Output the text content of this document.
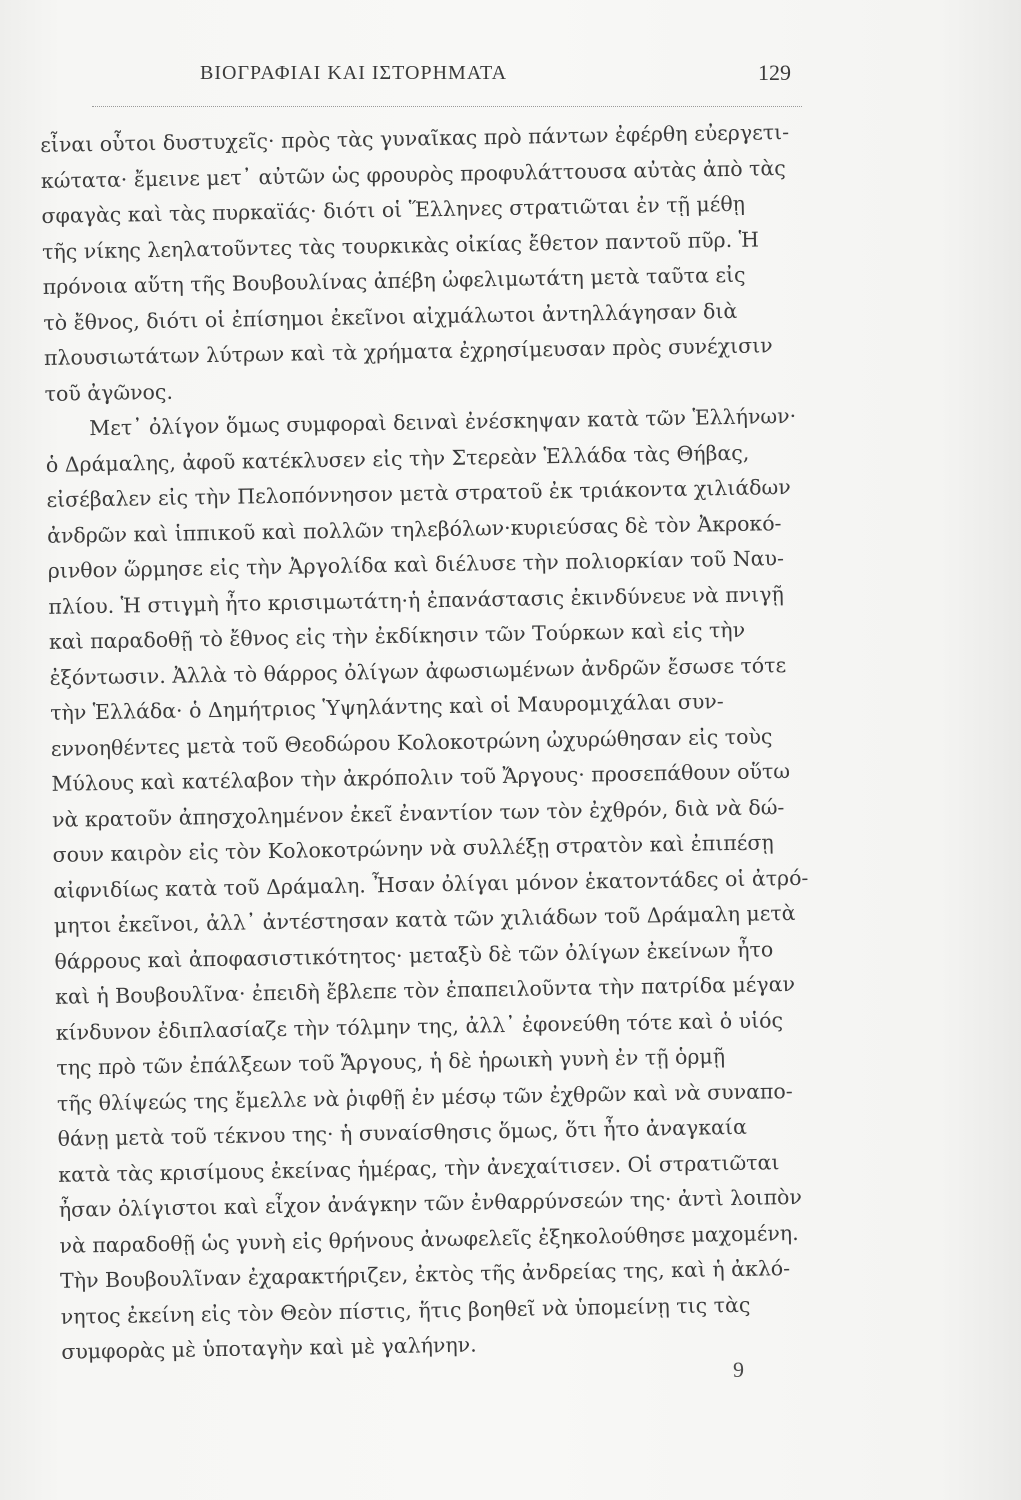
ΒΙΟΓΡΑΦΙΑΙ ΚΑΙ ΙΣΤΟΡΗΜΑΤΑ	129
εἶναι οὗτοι δυστυχεῖς· πρὸς τὰς γυναῖκας πρὸ πάντων ἐφέρθη εὐεργετι-
κώτατα· ἔμεινε μετ᾽ αὐτῶν ὡς φρουρὸς προφυλάττουσα αὐτὰς ἀπὸ τὰς
σφαγὰς καὶ τὰς πυρκαϊάς· διότι οἱ Ἕλληνες στρατιῶται ἐν τῇ μέθῃ
τῆς νίκης λεηλατοῦντες τὰς τουρκικὰς οἰκίας ἔθετον παντοῦ πῦρ. Ἡ
πρόνοια αὕτη τῆς Βουβουλίνας ἀπέβη ὠφελιμωτάτη μετὰ ταῦτα εἰς
τὸ ἔθνος, διότι οἱ ἐπίσημοι ἐκεῖνοι αἰχμάλωτοι ἀντηλλάγησαν διὰ
πλουσιωτάτων λύτρων καὶ τὰ χρήματα ἐχρησίμευσαν πρὸς συνέχισιν
τοῦ ἀγῶνος.
Μετ᾽ ὀλίγον ὅμως συμφοραὶ δειναὶ ἐνέσκηψαν κατὰ τῶν Ἑλλήνων·
ὁ Δράμαλης, ἀφοῦ κατέκλυσεν εἰς τὴν Στερεὰν Ἑλλάδα τὰς Θήβας,
εἰσέβαλεν εἰς τὴν Πελοπόννησον μετὰ στρατοῦ ἐκ τριάκοντα χιλιάδων
ἀνδρῶν καὶ ἱππικοῦ καὶ πολλῶν τηλεβόλων·κυριεύσας δὲ τὸν Ἀκροκό-
ρινθον ὥρμησε εἰς τὴν Ἀργολίδα καὶ διέλυσε τὴν πολιορκίαν τοῦ Ναυ-
πλίου. Ἡ στιγμὴ ἦτο κρισιμωτάτη·ἡ ἐπανάστασις ἐκινδύνευε νὰ πνιγῇ
καὶ παραδοθῇ τὸ ἔθνος εἰς τὴν ἐκδίκησιν τῶν Τούρκων καὶ εἰς τὴν
ἐξόντωσιν. Ἀλλὰ τὸ θάρρος ὀλίγων ἀφωσιωμένων ἀνδρῶν ἔσωσε τότε
τὴν Ἑλλάδα· ὁ Δημήτριος Ὑψηλάντης καὶ οἱ Μαυρομιχάλαι συν-
εννοηθέντες μετὰ τοῦ Θεοδώρου Κολοκοτρώνη ὠχυρώθησαν εἰς τοὺς
Μύλους καὶ κατέλαβον τὴν ἀκρόπολιν τοῦ Ἄργους· προσεπάθουν οὕτω
νὰ κρατοῦν ἀπησχολημένον ἐκεῖ ἐναντίον των τὸν ἐχθρόν, διὰ νὰ δώ-
σουν καιρὸν εἰς τὸν Κολοκοτρώνην νὰ συλλέξῃ στρατὸν καὶ ἐπιπέσῃ
αἰφνιδίως κατὰ τοῦ Δράμαλη. Ἦσαν ὀλίγαι μόνον ἑκατοντάδες οἱ ἀτρό-
μητοι ἐκεῖνοι, ἀλλ᾽ ἀντέστησαν κατὰ τῶν χιλιάδων τοῦ Δράμαλη μετὰ
θάρρους καὶ ἀποφασιστικότητος· μεταξὺ δὲ τῶν ὀλίγων ἐκείνων ἦτο
καὶ ἡ Βουβουλῖνα· ἐπειδὴ ἔβλεπε τὸν ἐπαπειλοῦντα τὴν πατρίδα μέγαν
κίνδυνον ἐδιπλασίαζε τὴν τόλμην της, ἀλλ᾽ ἐφονεύθη τότε καὶ ὁ υἱός
της πρὸ τῶν ἐπάλξεων τοῦ Ἄργους, ἡ δὲ ἡρωικὴ γυνὴ ἐν τῇ ὁρμῇ
τῆς θλίψεώς της ἔμελλε νὰ ῥιφθῇ ἐν μέσῳ τῶν ἐχθρῶν καὶ νὰ συναπο-
θάνῃ μετὰ τοῦ τέκνου της· ἡ συναίσθησις ὅμως, ὅτι ἦτο ἀναγκαία
κατὰ τὰς κρισίμους ἐκείνας ἡμέρας, τὴν ἀνεχαίτισεν. Οἱ στρατιῶται
ἦσαν ὀλίγιστοι καὶ εἶχον ἀνάγκην τῶν ἐνθαρρύνσεών της· ἀντὶ λοιπὸν
νὰ παραδοθῇ ὡς γυνὴ εἰς θρήνους ἀνωφελεῖς ἐξηκολούθησε μαχομένη.
Τὴν Βουβουλῖναν ἐχαρακτήριζεν, ἐκτὸς τῆς ἀνδρείας της, καὶ ἡ ἀκλό-
νητος ἐκείνη εἰς τὸν Θεὸν πίστις, ἥτις βοηθεῖ νὰ ὑπομείνῃ τις τὰς
συμφορὰς μὲ ὑποταγὴν καὶ μὲ γαλήνην.
9
